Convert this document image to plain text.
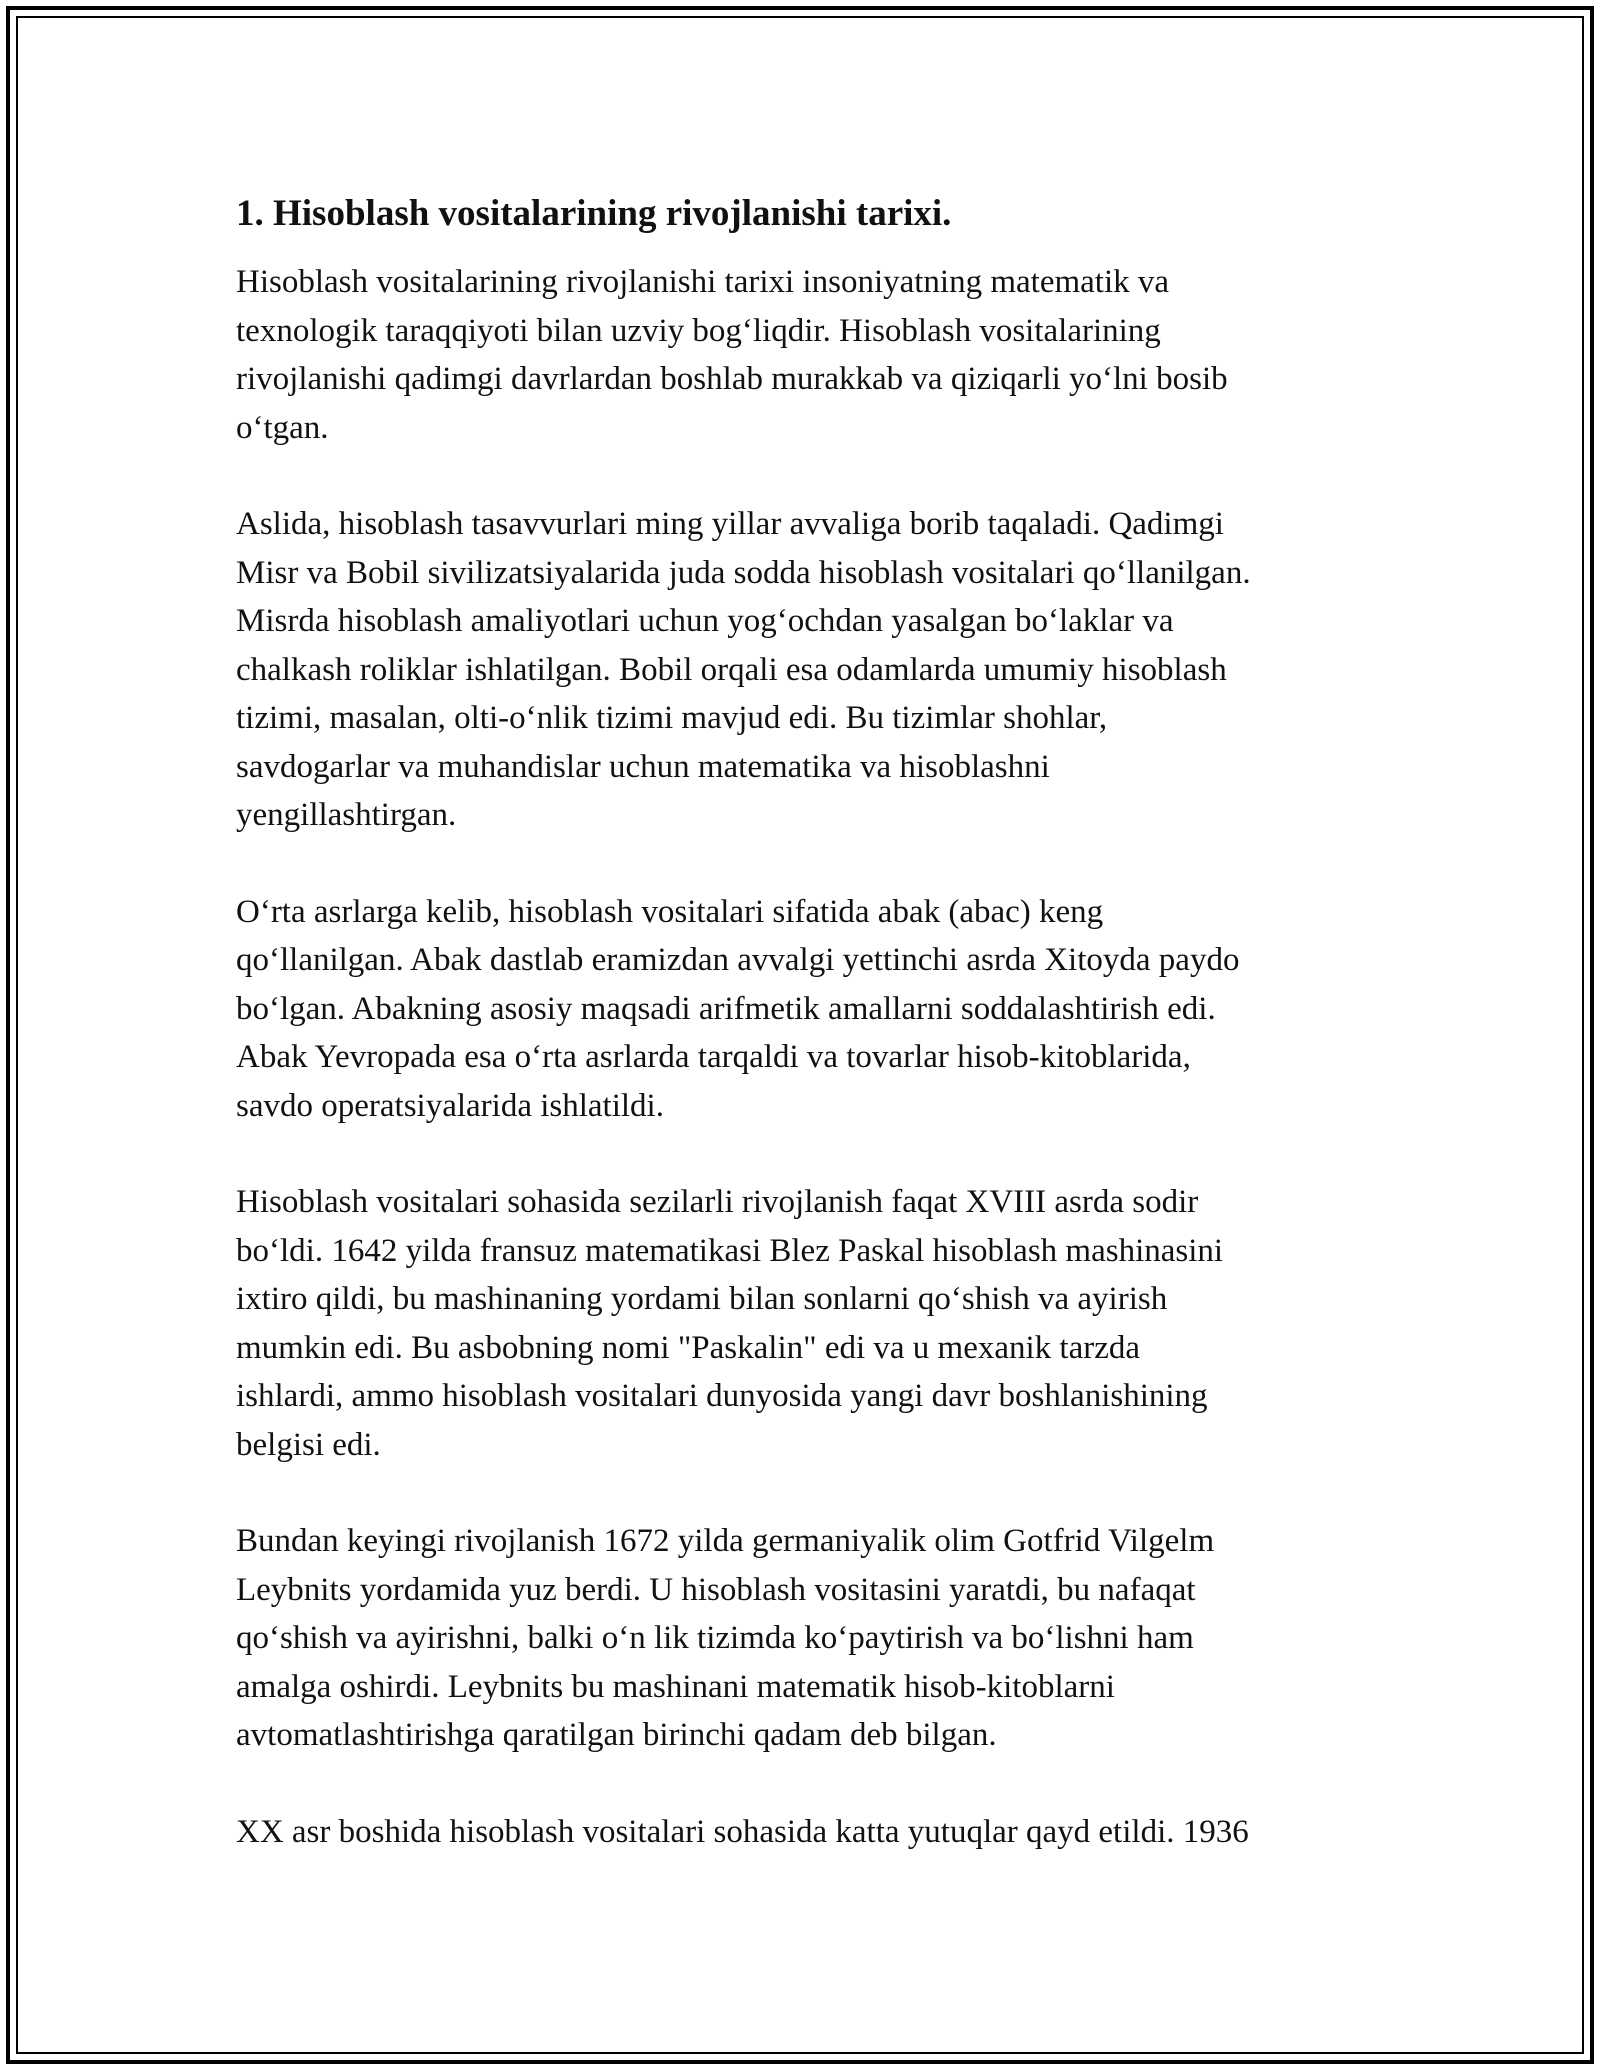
1. Hisoblash vositalarining rivojlanishi tarixi.

Hisoblash vositalarining rivojlanishi tarixi insoniyatning matematik va
texnologik taraqqiyoti bilan uzviy bog‘liqdir. Hisoblash vositalarining
rivojlanishi qadimgi davrlardan boshlab murakkab va qiziqarli yo‘lni bosib
o‘tgan.

Aslida, hisoblash tasavvurlari ming yillar avvaliga borib taqaladi. Qadimgi
Misr va Bobil sivilizatsiyalarida juda sodda hisoblash vositalari qo‘llanilgan.
Misrda hisoblash amaliyotlari uchun yog‘ochdan yasalgan bo‘laklar va
chalkash roliklar ishlatilgan. Bobil orqali esa odamlarda umumiy hisoblash
tizimi, masalan, olti-o‘nlik tizimi mavjud edi. Bu tizimlar shohlar,
savdogarlar va muhandislar uchun matematika va hisoblashni
yengillashtirgan.

O‘rta asrlarga kelib, hisoblash vositalari sifatida abak (abac) keng
qo‘llanilgan. Abak dastlab eramizdan avvalgi yettinchi asrda Xitoyda paydo
bo‘lgan. Abakning asosiy maqsadi arifmetik amallarni soddalashtirish edi.
Abak Yevropada esa o‘rta asrlarda tarqaldi va tovarlar hisob-kitoblarida,
savdo operatsiyalarida ishlatildi.

Hisoblash vositalari sohasida sezilarli rivojlanish faqat XVIII asrda sodir
bo‘ldi. 1642 yilda fransuz matematikasi Blez Paskal hisoblash mashinasini
ixtiro qildi, bu mashinaning yordami bilan sonlarni qo‘shish va ayirish
mumkin edi. Bu asbobning nomi "Paskalin" edi va u mexanik tarzda
ishlardi, ammo hisoblash vositalari dunyosida yangi davr boshlanishining
belgisi edi.

Bundan keyingi rivojlanish 1672 yilda germaniyalik olim Gotfrid Vilgelm
Leybnits yordamida yuz berdi. U hisoblash vositasini yaratdi, bu nafaqat
qo‘shish va ayirishni, balki o‘n lik tizimda ko‘paytirish va bo‘lishni ham
amalga oshirdi. Leybnits bu mashinani matematik hisob-kitoblarni
avtomatlashtirishga qaratilgan birinchi qadam deb bilgan.

XX asr boshida hisoblash vositalari sohasida katta yutuqlar qayd etildi. 1936
